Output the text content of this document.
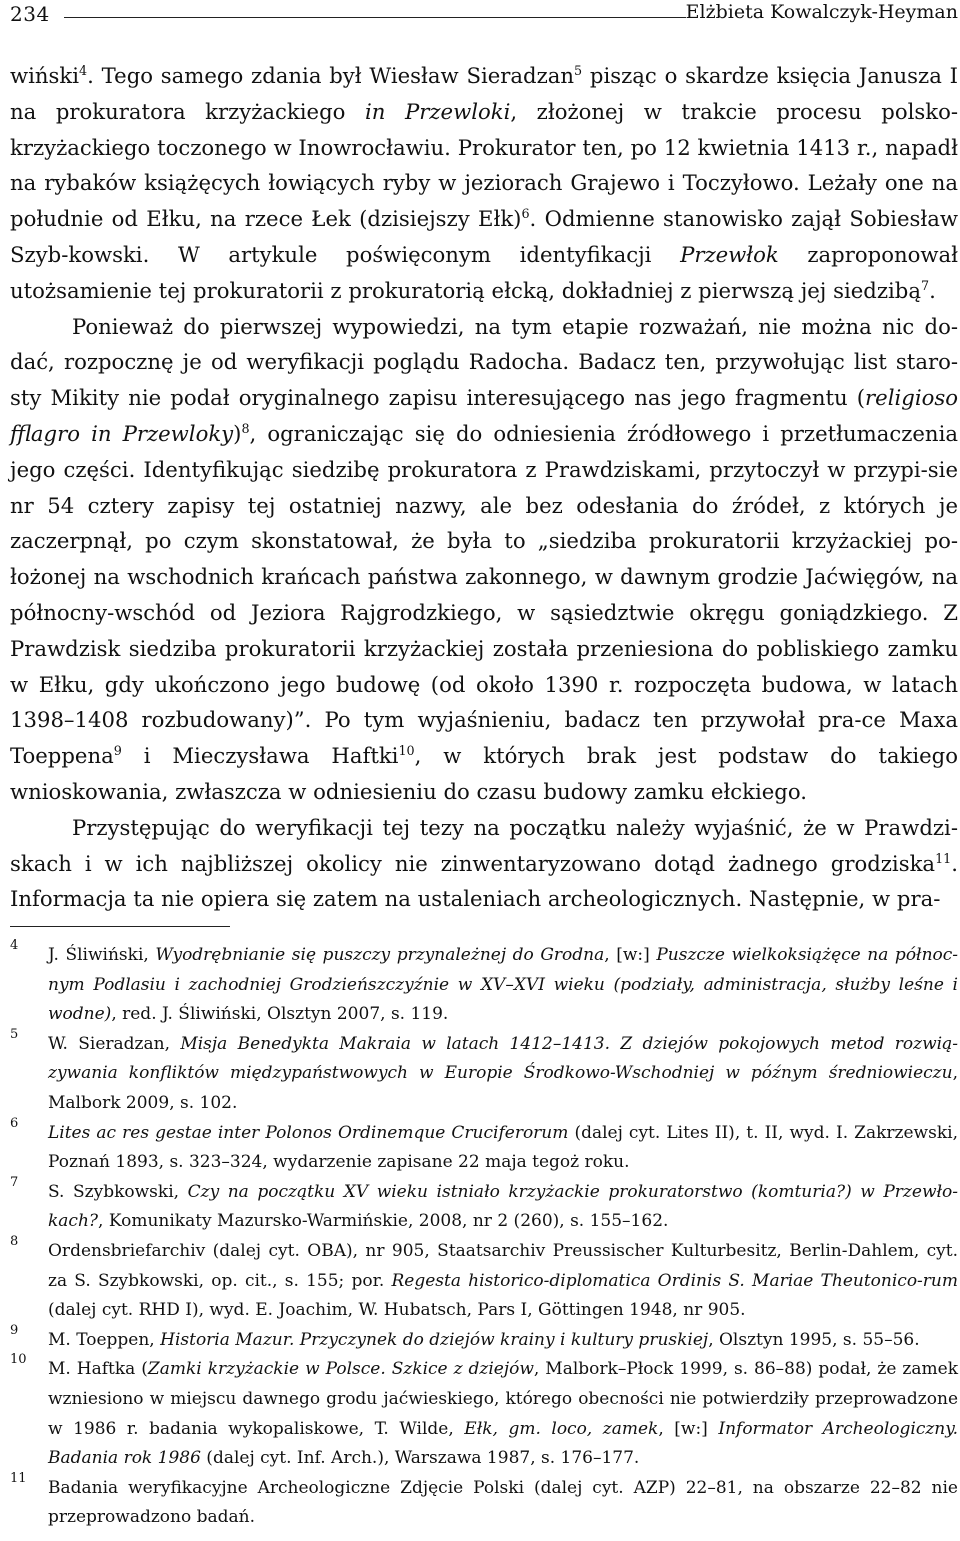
234	Elżbieta Kowalczyk-Heyman

wiński$^4$. Tego samego zdania był Wiesław Sieradzan$^5$ pisząc o skardze księcia Janusza I na prokuratora krzyżackiego in Przewloki, złożonej w trakcie procesu polsko-krzyżackiego toczonego w Inowrocławiu. Prokurator ten, po 12 kwietnia 1413 r., napadł na rybaków książęcych łowiących ryby w jeziorach Grajewo i Toczyłowo. Leżały one na południe od Ełku, na rzece Łek (dzisiejszy Ełk)$^6$. Odmienne stanowisko zajął Sobiesław Szyb-kowski. W artykule poświęconym identyfikacji Przewłok zaproponował utożsamienie tej prokuratorii z prokuratorią ełcką, dokładniej z pierwszą jej siedzibą$^7$.

Ponieważ do pierwszej wypowiedzi, na tym etapie rozważań, nie można nic do-dać, rozpocznę je od weryfikacji poglądu Radocha. Badacz ten, przywołując list staro-sty Mikity nie podał oryginalnego zapisu interesującego nas jego fragmentu (religioso fflagro in Przewloky)$^8$, ograniczając się do odniesienia źródłowego i przetłumaczenia jego części. Identyfikując siedzibę prokuratora z Prawdziskami, przytoczył w przypi-sie nr 54 cztery zapisy tej ostatniej nazwy, ale bez odesłania do źródeł, z których je zaczerpnął, po czym skonstatował, że była to „siedziba prokuratorii krzyżackiej po-łożonej na wschodnich krańcach państwa zakonnego, w dawnym grodzie Jaćwięgów, na północny-wschód od Jeziora Rajgrodzkiego, w sąsiedztwie okręgu goniądzkiego. Z Prawdzisk siedziba prokuratorii krzyżackiej została przeniesiona do pobliskiego zamku w Ełku, gdy ukończono jego budowę (od około 1390 r. rozpoczęta budowa, w latach 1398–1408 rozbudowany)”. Po tym wyjaśnieniu, badacz ten przywołał pra-ce Maxa Toeppena$^9$ i Mieczysława Haftki$^{10}$, w których brak jest podstaw do takiego wnioskowania, zwłaszcza w odniesieniu do czasu budowy zamku ełckiego.

Przystępując do weryfikacji tej tezy na początku należy wyjaśnić, że w Prawdzi-skach i w ich najbliższej okolicy nie zinwentaryzowano dotąd żadnego grodziska$^{11}$. Informacja ta nie opiera się zatem na ustaleniach archeologicznych. Następnie, w pra-

4 J. Śliwiński, Wyodrębnianie się puszczy przynależnej do Grodna, [w:] Puszcze wielkoksiążęce na północ-nym Podlasiu i zachodniej Grodzieńszczyźnie w XV–XVI wieku (podziały, administracja, służby leśne i wodne), red. J. Śliwiński, Olsztyn 2007, s. 119.
5 W. Sieradzan, Misja Benedykta Makraia w latach 1412–1413. Z dziejów pokojowych metod rozwią-zywania konfliktów międzypaństwowych w Europie Środkowo-Wschodniej w późnym średniowieczu, Malbork 2009, s. 102.
6 Lites ac res gestae inter Polonos Ordinemque Cruciferorum (dalej cyt. Lites II), t. II, wyd. I. Zakrzewski, Poznań 1893, s. 323–324, wydarzenie zapisane 22 maja tegoż roku.
7 S. Szybkowski, Czy na początku XV wieku istniało krzyżackie prokuratorstwo (komturia?) w Przewło-kach?, Komunikaty Mazursko-Warmińskie, 2008, nr 2 (260), s. 155–162.
8 Ordensbriefarchiv (dalej cyt. OBA), nr 905, Staatsarchiv Preussischer Kulturbesitz, Berlin-Dahlem, cyt. za S. Szybkowski, op. cit., s. 155; por. Regesta historico-diplomatica Ordinis S. Mariae Theutonico-rum (dalej cyt. RHD I), wyd. E. Joachim, W. Hubatsch, Pars I, Göttingen 1948, nr 905.
9 M. Toeppen, Historia Mazur. Przyczynek do dziejów krainy i kultury pruskiej, Olsztyn 1995, s. 55–56.
10 M. Haftka (Zamki krzyżackie w Polsce. Szkice z dziejów, Malbork–Płock 1999, s. 86–88) podał, że zamek wzniesiono w miejscu dawnego grodu jaćwieskiego, którego obecności nie potwierdziły przeprowadzone w 1986 r. badania wykopaliskowe, T. Wilde, Ełk, gm. loco, zamek, [w:] Informator Archeologiczny. Badania rok 1986 (dalej cyt. Inf. Arch.), Warszawa 1987, s. 176–177.
11 Badania weryfikacyjne Archeologiczne Zdjęcie Polski (dalej cyt. AZP) 22–81, na obszarze 22–82 nie przeprowadzono badań.
